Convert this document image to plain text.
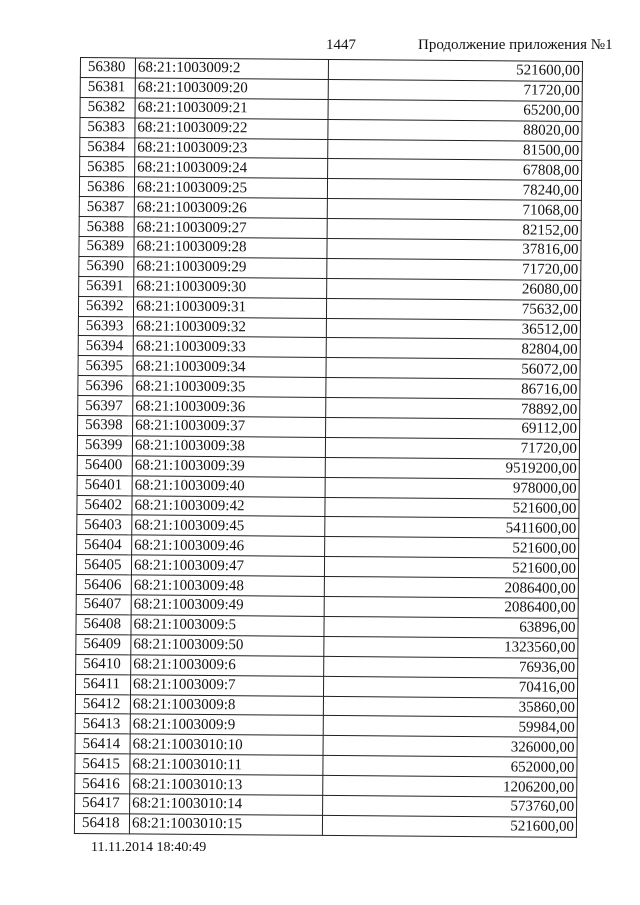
1447	Продолжение приложения №1
56380	68:21:1003009:2	521600,00
56381	68:21:1003009:20	71720,00
56382	68:21:1003009:21	65200,00
56383	68:21:1003009:22	88020,00
56384	68:21:1003009:23	81500,00
56385	68:21:1003009:24	67808,00
56386	68:21:1003009:25	78240,00
56387	68:21:1003009:26	71068,00
56388	68:21:1003009:27	82152,00
56389	68:21:1003009:28	37816,00
56390	68:21:1003009:29	71720,00
56391	68:21:1003009:30	26080,00
56392	68:21:1003009:31	75632,00
56393	68:21:1003009:32	36512,00
56394	68:21:1003009:33	82804,00
56395	68:21:1003009:34	56072,00
56396	68:21:1003009:35	86716,00
56397	68:21:1003009:36	78892,00
56398	68:21:1003009:37	69112,00
56399	68:21:1003009:38	71720,00
56400	68:21:1003009:39	9519200,00
56401	68:21:1003009:40	978000,00
56402	68:21:1003009:42	521600,00
56403	68:21:1003009:45	5411600,00
56404	68:21:1003009:46	521600,00
56405	68:21:1003009:47	521600,00
56406	68:21:1003009:48	2086400,00
56407	68:21:1003009:49	2086400,00
56408	68:21:1003009:5	63896,00
56409	68:21:1003009:50	1323560,00
56410	68:21:1003009:6	76936,00
56411	68:21:1003009:7	70416,00
56412	68:21:1003009:8	35860,00
56413	68:21:1003009:9	59984,00
56414	68:21:1003010:10	326000,00
56415	68:21:1003010:11	652000,00
56416	68:21:1003010:13	1206200,00
56417	68:21:1003010:14	573760,00
56418	68:21:1003010:15	521600,00
11.11.2014 18:40:49
